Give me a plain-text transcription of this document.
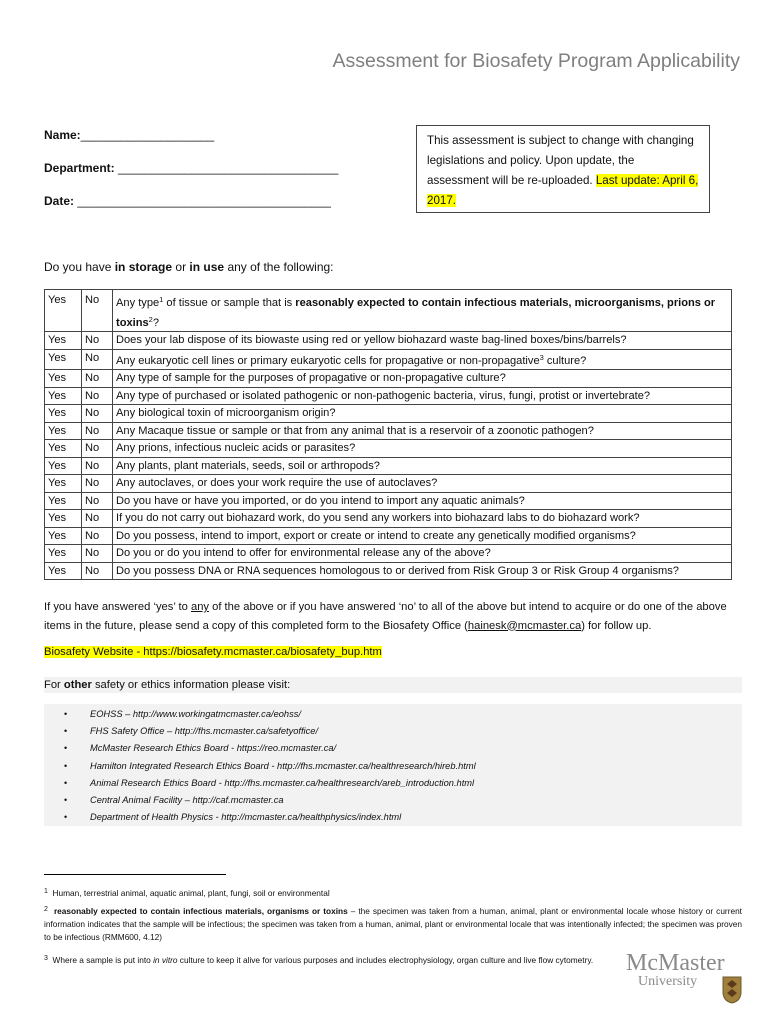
Assessment for Biosafety Program Applicability
Name:____________________
Department: _________________________________
Date: ______________________________________
This assessment is subject to change with changing legislations and policy. Upon update, the assessment will be re-uploaded. Last update: April 6, 2017.
Do you have in storage or in use any of the following:
Yes	No	Any type$^1$ of tissue or sample that is reasonably expected to contain infectious materials, microorganisms, prions or toxins$^2$?
Yes	No	Does your lab dispose of its biowaste using red or yellow biohazard waste bag-lined boxes/bins/barrels?
Yes	No	Any eukaryotic cell lines or primary eukaryotic cells for propagative or non-propagative$^3$ culture?
Yes	No	Any type of sample for the purposes of propagative or non-propagative culture?
Yes	No	Any type of purchased or isolated pathogenic or non-pathogenic bacteria, virus, fungi, protist or invertebrate?
Yes	No	Any biological toxin of microorganism origin?
Yes	No	Any Macaque tissue or sample or that from any animal that is a reservoir of a zoonotic pathogen?
Yes	No	Any prions, infectious nucleic acids or parasites?
Yes	No	Any plants, plant materials, seeds, soil or arthropods?
Yes	No	Any autoclaves, or does your work require the use of autoclaves?
Yes	No	Do you have or have you imported, or do you intend to import any aquatic animals?
Yes	No	If you do not carry out biohazard work, do you send any workers into biohazard labs to do biohazard work?
Yes	No	Do you possess, intend to import, export or create or intend to create any genetically modified organisms?
Yes	No	Do you or do you intend to offer for environmental release any of the above?
Yes	No	Do you possess DNA or RNA sequences homologous to or derived from Risk Group 3 or Risk Group 4 organisms?
If you have answered ‘yes’ to any of the above or if you have answered ‘no’ to all of the above but intend to acquire or do one of the above items in the future, please send a copy of this completed form to the Biosafety Office (hainesk@mcmaster.ca) for follow up.
Biosafety Website - https://biosafety.mcmaster.ca/biosafety_bup.htm
For other safety or ethics information please visit:
• EOHSS – http://www.workingatmcmaster.ca/eohss/
• FHS Safety Office – http://fhs.mcmaster.ca/safetyoffice/
• McMaster Research Ethics Board - https://reo.mcmaster.ca/
• Hamilton Integrated Research Ethics Board - http://fhs.mcmaster.ca/healthresearch/hireb.html
• Animal Research Ethics Board - http://fhs.mcmaster.ca/healthresearch/areb_introduction.html
• Central Animal Facility – http://caf.mcmaster.ca
• Department of Health Physics - http://mcmaster.ca/healthphysics/index.html
$^1$ Human, terrestrial animal, aquatic animal, plant, fungi, soil or environmental
$^2$ reasonably expected to contain infectious materials, organisms or toxins – the specimen was taken from a human, animal, plant or environmental locale whose history or current information indicates that the sample will be infectious; the specimen was taken from a human, animal, plant or environmental locale that was intentionally infected; the specimen was proven to be infectious (RMM600, 4.12)
$^3$ Where a sample is put into in vitro culture to keep it alive for various purposes and includes electrophysiology, organ culture and live flow cytometry.	McMaster
University
